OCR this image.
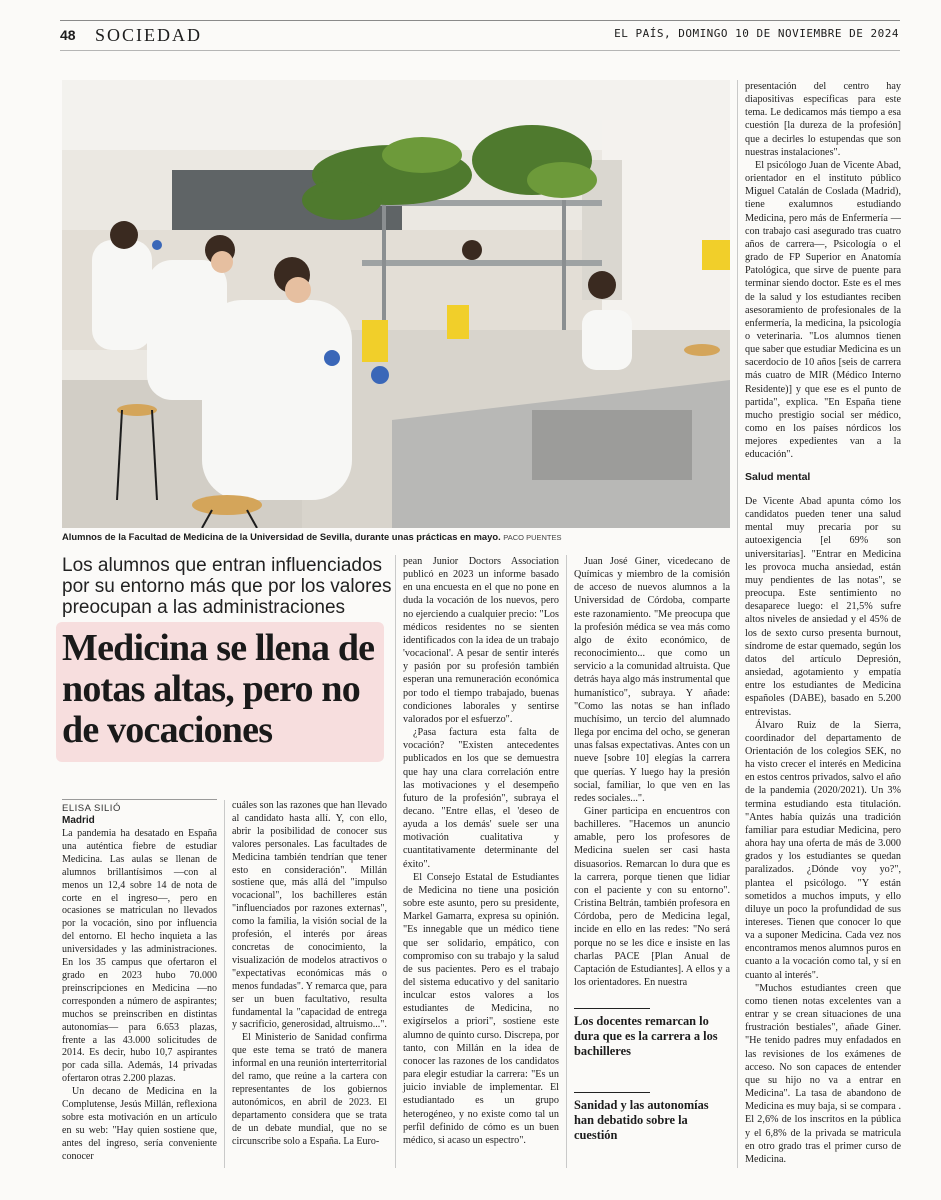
48 SOCIEDAD	EL PAÍS, DOMINGO 10 DE NOVIEMBRE DE 2024
Alumnos de la Facultad de Medicina de la Universidad de Sevilla, durante unas prácticas en mayo. PACO PUENTES
Los alumnos que entran influenciados por su entorno más que por los valores preocupan a las administraciones
Medicina se llena de notas altas, pero no de vocaciones
ELISA SILIÓ
Madrid

La pandemia ha desatado en España una auténtica fiebre de estudiar Medicina. Las aulas se llenan de alumnos brillantísimos —con al menos un 12,4 sobre 14 de nota de corte en el ingreso—, pero en ocasiones se matriculan no llevados por la vocación, sino por influencia del entorno. El hecho inquieta a las universidades y las administraciones. En los 35 campus que ofertaron el grado en 2023 hubo 70.000 preinscripciones en Medicina —no corresponden a número de aspirantes; muchos se preinscriben en distintas autonomías— para 6.653 plazas, frente a las 43.000 solicitudes de 2014. Es decir, hubo 10,7 aspirantes por cada silla. Además, 14 privadas ofertaron otras 2.200 plazas.

Un decano de Medicina en la Complutense, Jesús Millán, reflexiona sobre esta motivación en un artículo en su web: "Hay quien sostiene que, antes del ingreso, sería conveniente conocer

cuáles son las razones que han llevado al candidato hasta allí. Y, con ello, abrir la posibilidad de conocer sus valores personales. Las facultades de Medicina también tendrían que tener esto en consideración". Millán sostiene que, más allá del "impulso vocacional", los bachilleres están "influenciados por razones externas", como la familia, la visión social de la profesión, el interés por áreas concretas de conocimiento, la visualización de modelos atractivos o "expectativas económicas más o menos fundadas". Y remarca que, para ser un buen facultativo, resulta fundamental la "capacidad de entrega y sacrificio, generosidad, altruismo...".

El Ministerio de Sanidad confirma que este tema se trató de manera informal en una reunión interterritorial del ramo, que reúne a la cartera con representantes de los gobiernos autonómicos, en abril de 2023. El departamento considera que se trata de un debate mundial, que no se circunscribe solo a España. La Euro-

pean Junior Doctors Association publicó en 2023 un informe basado en una encuesta en el que no pone en duda la vocación de los nuevos, pero no ejerciendo a cualquier precio: "Los médicos residentes no se sienten identificados con la idea de un trabajo 'vocacional'. A pesar de sentir interés y pasión por su profesión también esperan una remuneración económica por todo el tiempo trabajado, buenas condiciones laborales y sentirse valorados por el esfuerzo".

¿Pasa factura esta falta de vocación? "Existen antecedentes publicados en los que se demuestra que hay una clara correlación entre las motivaciones y el desempeño futuro de la profesión", subraya el decano. "Entre ellas, el 'deseo de ayuda a los demás' suele ser una motivación cualitativa y cuantitativamente determinante del éxito".

El Consejo Estatal de Estudiantes de Medicina no tiene una posición sobre este asunto, pero su presidente, Markel Gamarra, expresa su opinión. "Es innegable que un médico tiene que ser solidario, empático, con compromiso con su trabajo y la salud de sus pacientes. Pero es el trabajo del sistema educativo y del sanitario inculcar estos valores a los estudiantes de Medicina, no exigírselos a priori", sostiene este alumno de quinto curso. Discrepa, por tanto, con Millán en la idea de conocer las razones de los candidatos para elegir estudiar la carrera: "Es un juicio inviable de implementar. El estudiantado es un grupo heterogéneo, y no existe como tal un perfil definido de cómo es un buen médico, si acaso un espectro".

Juan José Giner, vicedecano de Químicas y miembro de la comisión de acceso de nuevos alumnos a la Universidad de Córdoba, comparte este razonamiento. "Me preocupa que la profesión médica se vea más como algo de éxito económico, de reconocimiento... que como un servicio a la comunidad altruista. Que detrás haya algo más instrumental que humanístico", subraya. Y añade: "Como las notas se han inflado muchísimo, un tercio del alumnado llega por encima del ocho, se generan unas falsas expectativas. Antes con un nueve [sobre 10] elegías la carrera que querías. Y luego hay la presión social, familiar, lo que ven en las redes sociales...".

Giner participa en encuentros con bachilleres. "Hacemos un anuncio amable, pero los profesores de Medicina suelen ser casi hasta disuasorios. Remarcan lo dura que es la carrera, porque tienen que lidiar con el paciente y con su entorno". Cristina Beltrán, también profesora en Córdoba, pero de Medicina legal, incide en ello en las redes: "No será porque no se les dice e insiste en las charlas PACE [Plan Anual de Captación de Estudiantes]. A ellos y a los orientadores. En nuestra

Los docentes remarcan lo dura que es la carrera a los bachilleres
Sanidad y las autonomías han debatido sobre la cuestión

presentación del centro hay diapositivas específicas para este tema. Le dedicamos más tiempo a esa cuestión [la dureza de la profesión] que a decirles lo estupendas que son nuestras instalaciones".

El psicólogo Juan de Vicente Abad, orientador en el instituto público Miguel Catalán de Coslada (Madrid), tiene exalumnos estudiando Medicina, pero más de Enfermería —con trabajo casi asegurado tras cuatro años de carrera—, Psicología o el grado de FP Superior en Anatomía Patológica, que sirve de puente para terminar siendo doctor. Este es el mes de la salud y los estudiantes reciben asesoramiento de profesionales de la enfermería, la medicina, la psicología o veterinaria. "Los alumnos tienen que saber que estudiar Medicina es un sacerdocio de 10 años [seis de carrera más cuatro de MIR (Médico Interno Residente)] y que ese es el punto de partida", explica. "En España tiene mucho prestigio social ser médico, como en los países nórdicos los mejores expedientes van a la educación".

Salud mental

De Vicente Abad apunta cómo los candidatos pueden tener una salud mental muy precaria por su autoexigencia [el 69% son universitarias]. "Entrar en Medicina les provoca mucha ansiedad, están muy pendientes de las notas", se preocupa. Este sentimiento no desaparece luego: el 21,5% sufre altos niveles de ansiedad y el 45% de los de sexto curso presenta burnout, síndrome de estar quemado, según los datos del artículo Depresión, ansiedad, agotamiento y empatía entre los estudiantes de Medicina españoles (DABE), basado en 5.200 entrevistas.

Álvaro Ruiz de la Sierra, coordinador del departamento de Orientación de los colegios SEK, no ha visto crecer el interés en Medicina en estos centros privados, salvo el año de la pandemia (2020/2021). Un 3% termina estudiando esta titulación. "Antes había quizás una tradición familiar para estudiar Medicina, pero ahora hay una oferta de más de 3.000 grados y los estudiantes se quedan paralizados. ¿Dónde voy yo?", plantea el psicólogo. "Y están sometidos a muchos imputs, y ello diluye un poco la profundidad de sus intereses. Tienen que conocer lo que va a suponer Medicina. Cada vez nos encontramos menos alumnos puros en cuanto a la vocación como tal, y sí en cuanto al interés".

"Muchos estudiantes creen que como tienen notas excelentes van a entrar y se crean situaciones de una frustración bestiales", añade Giner. "He tenido padres muy enfadados en las revisiones de los exámenes de acceso. No son capaces de entender que su hijo no va a entrar en Medicina". La tasa de abandono de Medicina es muy baja, si se compara . El 2,6% de los inscritos en la pública y el 6,8% de la privada se matricula en otro grado tras el primer curso de Medicina.
